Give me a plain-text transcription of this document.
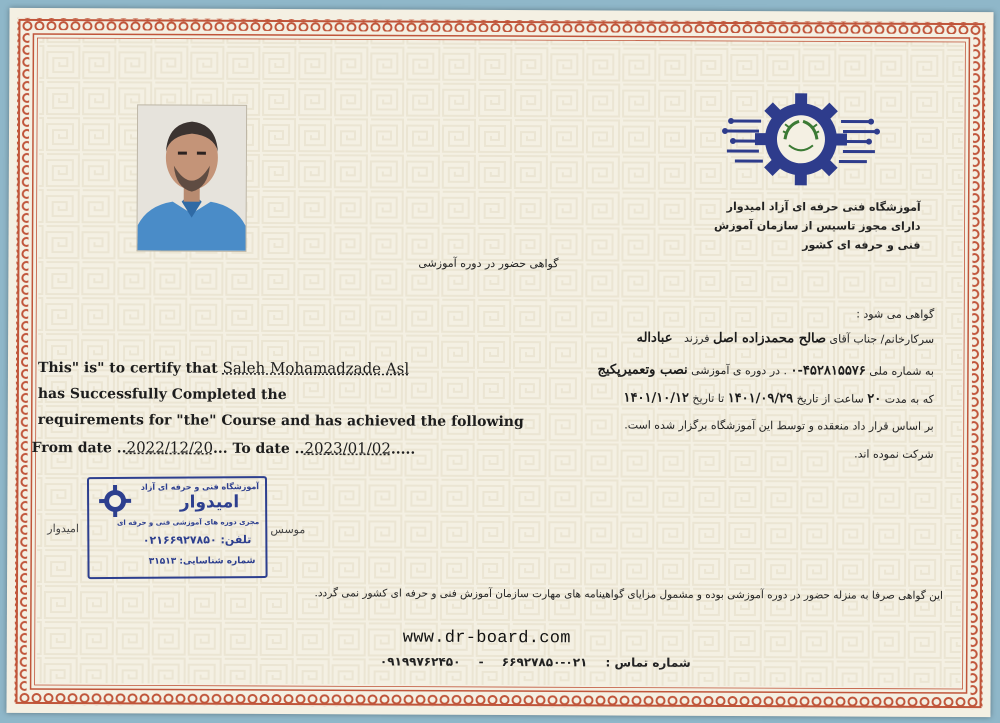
آموزشگاه فنی حرفه ای آزاد امیدوار
دارای مجوز تاسیس از سازمان آموزش
فنی و حرفه ای کشور
گواهی حضور در دوره آموزشی
گواهی می شود :
سرکارخانم/ جناب آقای صالح محمدزاده اصل فرزند عباداله
به شماره ملی ۴۵۲۸۱۵۵۷۶-۰ . در دوره ی آموزشی نصب وتعمیرپکیج
که به مدت ۲۰ ساعت از تاریخ ۱۴۰۱/۰۹/۲۹ تا تاریخ ۱۴۰۱/۱۰/۱۲
بر اساس قرار داد منعقده و توسط این آموزشگاه برگزار شده است.
شرکت نموده اند.
This" is" to certify that Saleh Mohamadzade Asl
has Successfully Completed the
requirements for "the" Course and has achieved the following
From date ..2022/12/20... To date ..2023/01/02.....
آموزشگاه فنی و حرفه ای آزاد
امیدوار
مجری دوره های آموزشی فنی و حرفه ای
تلفن: ۰۲۱۶۶۹۲۷۸۵۰
شماره شناسایی: ۳۱۵۱۳
موسس
امیدوار
این گواهی صرفا به منزله حضور در دوره آموزشی بوده و مشمول مزایای گواهینامه های مهارت سازمان آموزش فنی و حرفه ای کشور نمی گردد.
www.dr-board.com
شماره تماس : ۰۲۱-۶۶۹۲۷۸۵۰ - ۰۹۱۹۹۷۶۲۴۵۰
